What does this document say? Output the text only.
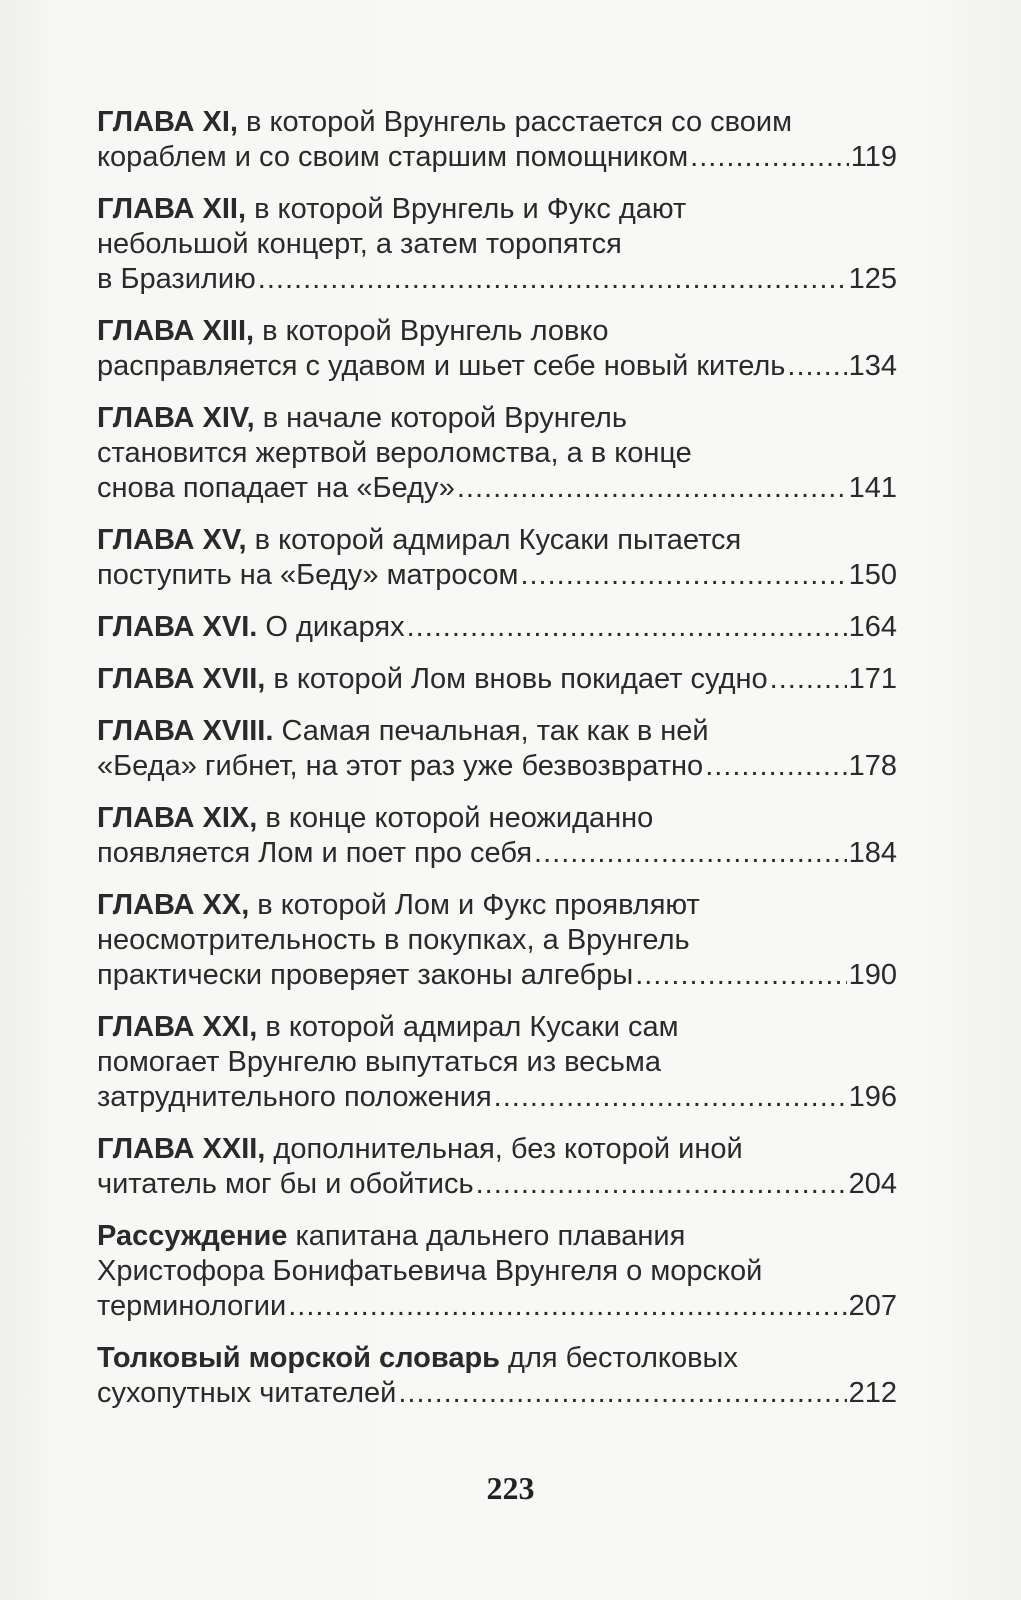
ГЛАВА XI, в которой Врунгель расстается со своим
кораблем и со своим старшим помощником .....	119
ГЛАВА XII, в которой Врунгель и Фукс дают
небольшой концерт, а затем торопятся
в Бразилию .....	125
ГЛАВА XIII, в которой Врунгель ловко
расправляется с удавом и шьет себе новый китель ..... 134
ГЛАВА XIV, в начале которой Врунгель
становится жертвой вероломства, а в конце
снова попадает на «Беду» .....	141
ГЛАВА XV, в которой адмирал Кусаки пытается
поступить на «Беду» матросом .....	150
ГЛАВА XVI. О дикарях .....	164
ГЛАВА XVII, в которой Лом вновь покидает судно .....	171
ГЛАВА XVIII. Самая печальная, так как в ней
«Беда» гибнет, на этот раз уже безвозвратно .....	178
ГЛАВА XIX, в конце которой неожиданно
появляется Лом и поет про себя .....	184
ГЛАВА XX, в которой Лом и Фукс проявляют
неосмотрительность в покупках, а Врунгель
практически проверяет законы алгебры .....	190
ГЛАВА XXI, в которой адмирал Кусаки сам
помогает Врунгелю выпутаться из весьма
затруднительного положения .....	196
ГЛАВА XXII, дополнительная, без которой иной
читатель мог бы и обойтись .....	204
Рассуждение капитана дальнего плавания
Христофора Бонифатьевича Врунгеля о морской
терминологии .....	207
Толковый морской словарь для бестолковых
сухопутных читателей .....	212
223
